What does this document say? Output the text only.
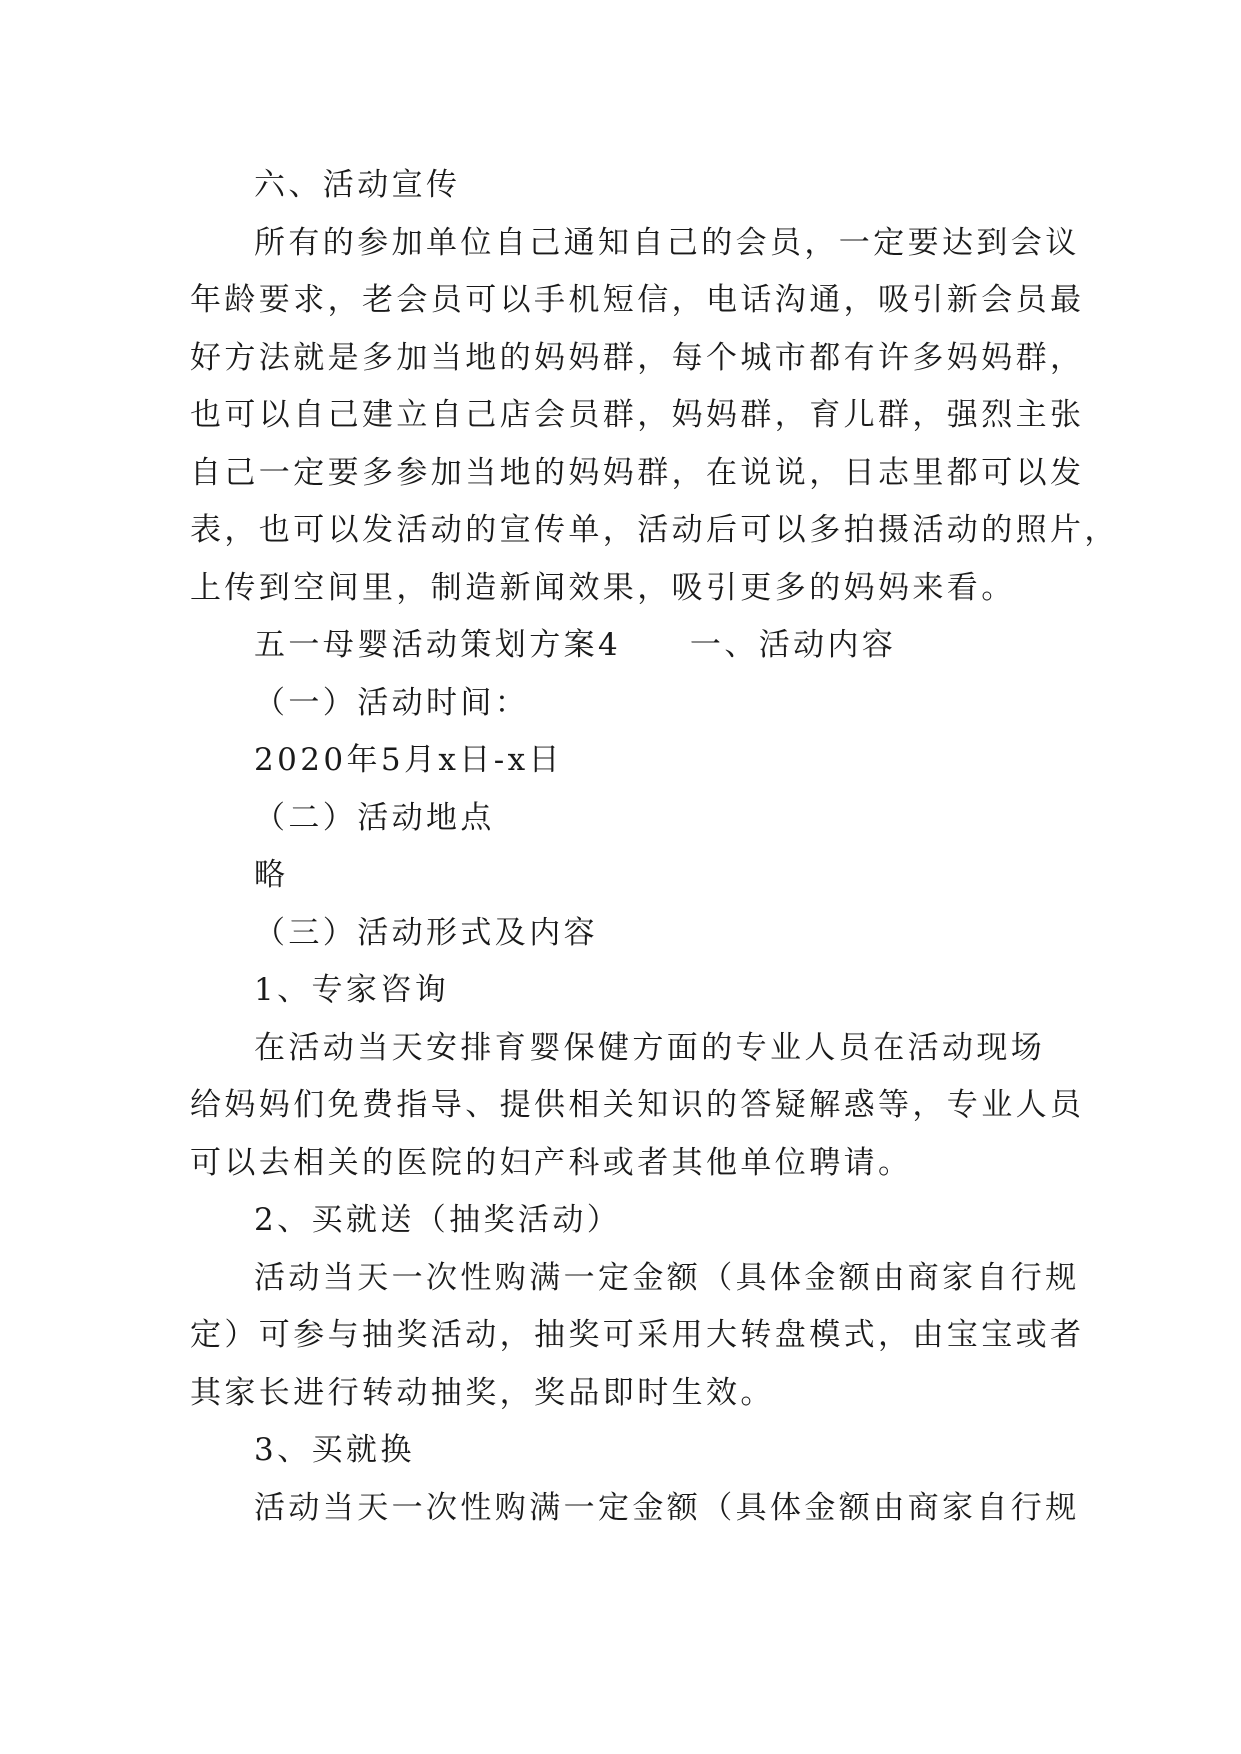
六、活动宣传
所有的参加单位自己通知自己的会员，一定要达到会议
年龄要求，老会员可以手机短信，电话沟通，吸引新会员最
好方法就是多加当地的妈妈群，每个城市都有许多妈妈群，
也可以自己建立自己店会员群，妈妈群，育儿群，强烈主张
自己一定要多参加当地的妈妈群，在说说，日志里都可以发
表，也可以发活动的宣传单，活动后可以多拍摄活动的照片，
上传到空间里，制造新闻效果，吸引更多的妈妈来看。
五一母婴活动策划方案4　　一、活动内容
（一）活动时间：
2020年5月x日-x日
（二）活动地点
略
（三）活动形式及内容
1、专家咨询
在活动当天安排育婴保健方面的专业人员在活动现场
给妈妈们免费指导、提供相关知识的答疑解惑等，专业人员
可以去相关的医院的妇产科或者其他单位聘请。
2、买就送（抽奖活动）
活动当天一次性购满一定金额（具体金额由商家自行规
定）可参与抽奖活动，抽奖可采用大转盘模式，由宝宝或者
其家长进行转动抽奖，奖品即时生效。
3、买就换
活动当天一次性购满一定金额（具体金额由商家自行规
